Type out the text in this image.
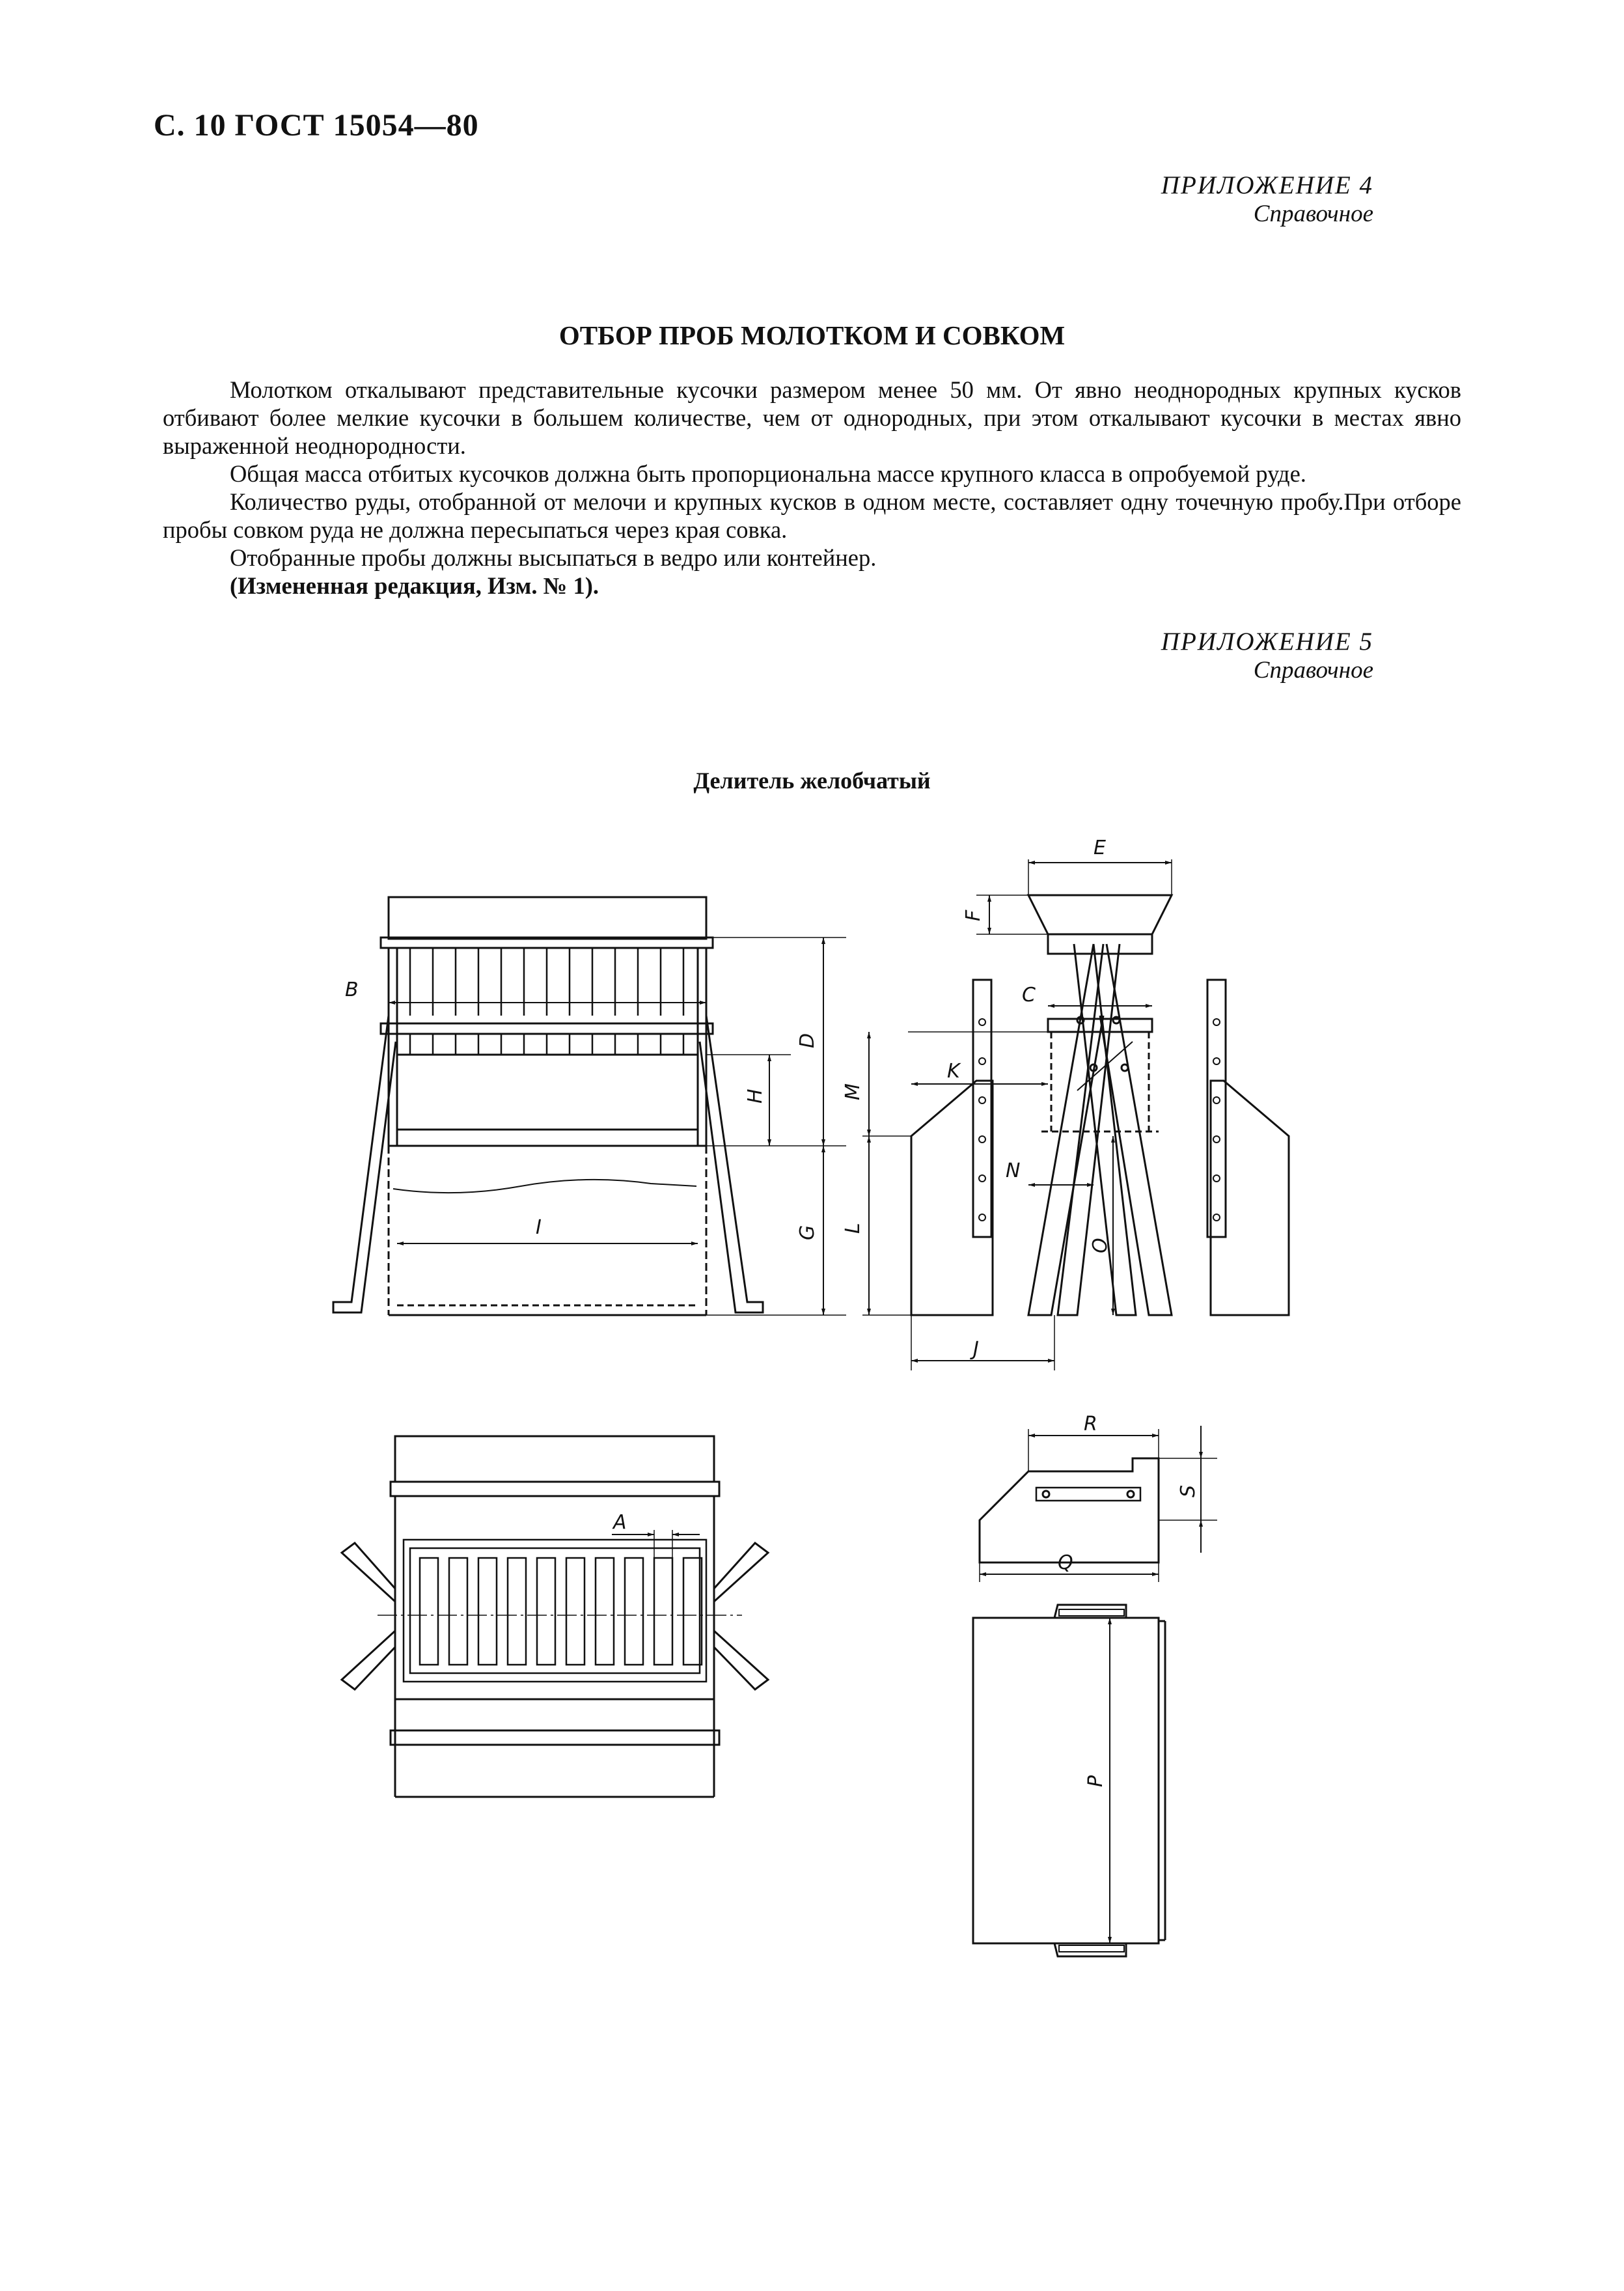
С. 10 ГОСТ 15054—80
ПРИЛОЖЕНИЕ 4
Справочное
ОТБОР ПРОБ МОЛОТКОМ И СОВКОМ

Молотком откалывают представительные кусочки размером менее 50 мм. От явно неоднородных крупных кусков отбивают более мелкие кусочки в большем количестве, чем от однородных, при этом откалывают кусочки в местах явно выраженной неоднородности.

Общая масса отбитых кусочков должна быть пропорциональна массе крупного класса в опробуемой руде.

Количество руды, отобранной от мелочи и крупных кусков в одном месте, составляет одну точечную пробу.При отборе пробы совком руда не должна пересыпаться через края совка.

Отобранные пробы должны высыпаться в ведро или контейнер.

(Измененная редакция, Изм. № 1).

ПРИЛОЖЕНИЕ 5
Справочное
Делитель желобчатый
B
D
H
G
I
E
F
C
M
K
L
N
O
J
A
R
Q
S
P
